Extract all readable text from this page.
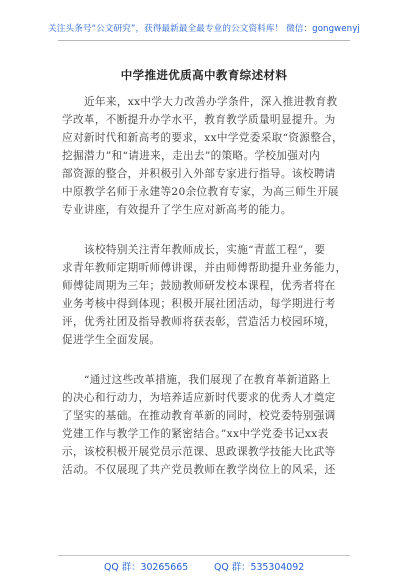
关注头条号“公文研究”，获得最新最全最专业的公文资料库！ 微信：gongwenyj
中学推进优质高中教育综述材料
近年来，xx中学大力改善办学条件，深入推进教育教
学改革，不断提升办学水平，教育教学质量明显提升。为
应对新时代和新高考的要求，xx中学党委采取“资源整合，
挖掘潜力”和“请进来，走出去”的策略。学校加强对内
部资源的整合，并积极引入外部专家进行指导。该校聘请
中原教学名师于永建等20余位教育专家，为高三师生开展
专业讲座，有效提升了学生应对新高考的能力。
该校特别关注青年教师成长，实施“青蓝工程”，要
求青年教师定期听师傅讲课，并由师傅帮助提升业务能力，
师傅徒周期为三年；鼓励教师研发校本课程，优秀者将在
业务考核中得到体现；积极开展社团活动，每学期进行考
评，优秀社团及指导教师将获表彰，营造活力校园环境，
促进学生全面发展。
“通过这些改革措施，我们展现了在教育革新道路上
的决心和行动力，为培养适应新时代要求的优秀人才奠定
了坚实的基础。在推动教育革新的同时，校党委特别强调
党建工作与教学工作的紧密结合。”xx中学党委书记xx表
示，该校积极开展党员示范课、思政课教学技能大比武等
活动。不仅展现了共产党员教师在教学岗位上的风采，还
QQ 群：30265665	QQ 群：535304092
